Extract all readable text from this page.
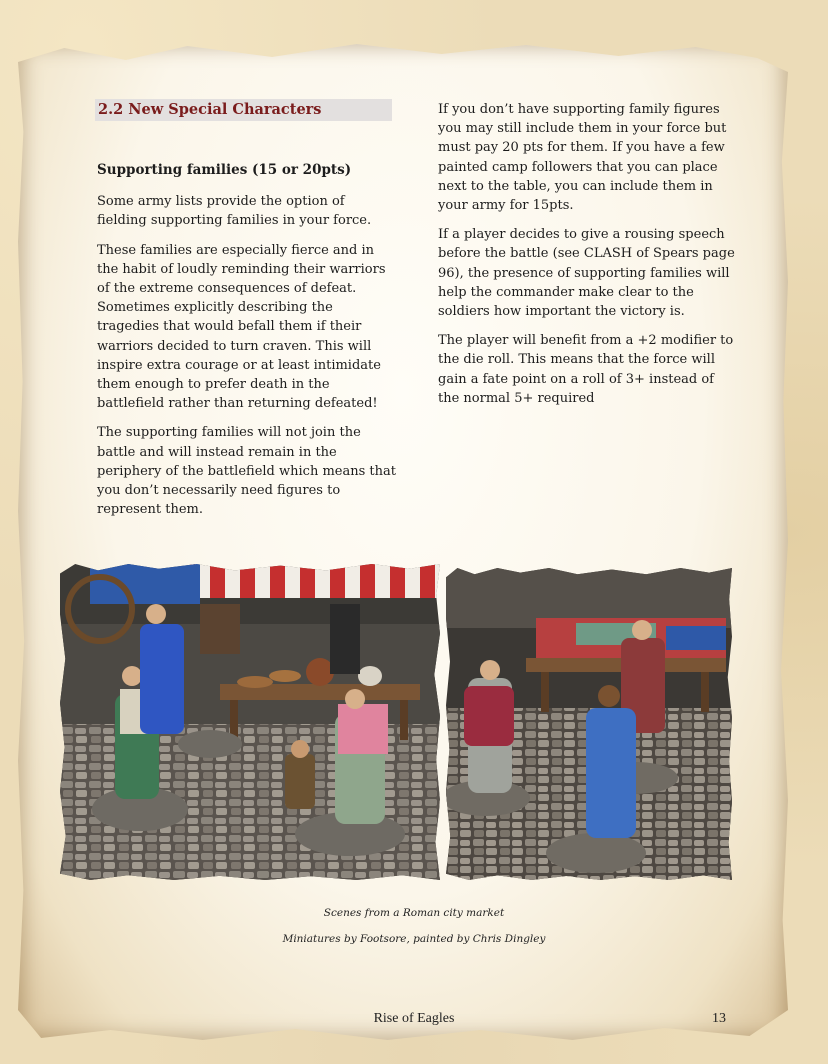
2.2 New Special Characters

Supporting families (15 or 20pts)

Some army lists provide the option of fielding supporting families in your force.

These families are especially fierce and in the habit of loudly reminding their warriors of the extreme consequences of defeat. Sometimes explicitly describing the tragedies that would befall them if their warriors decided to turn craven. This will inspire extra courage or at least intimidate them enough to prefer death in the battlefield rather than returning defeated!

The supporting families will not join the battle and will instead remain in the periphery of the battlefield which means that you don’t necessarily need figures to represent them.

If you don’t have supporting family figures you may still include them in your force but must pay 20 pts for them. If you have a few painted camp followers that you can place next to the table, you can include them in your army for 15pts.

If a player decides to give a rousing speech before the battle (see CLASH of Spears page 96), the presence of supporting families will help the commander make clear to the soldiers how important the victory is.

The player will benefit from a +2 modifier to the die roll. This means that the force will gain a fate point on a roll of 3+ instead of the normal 5+ required

Scenes from a Roman city market
Miniatures by Footsore, painted by Chris Dingley
Rise of Eagles	13
